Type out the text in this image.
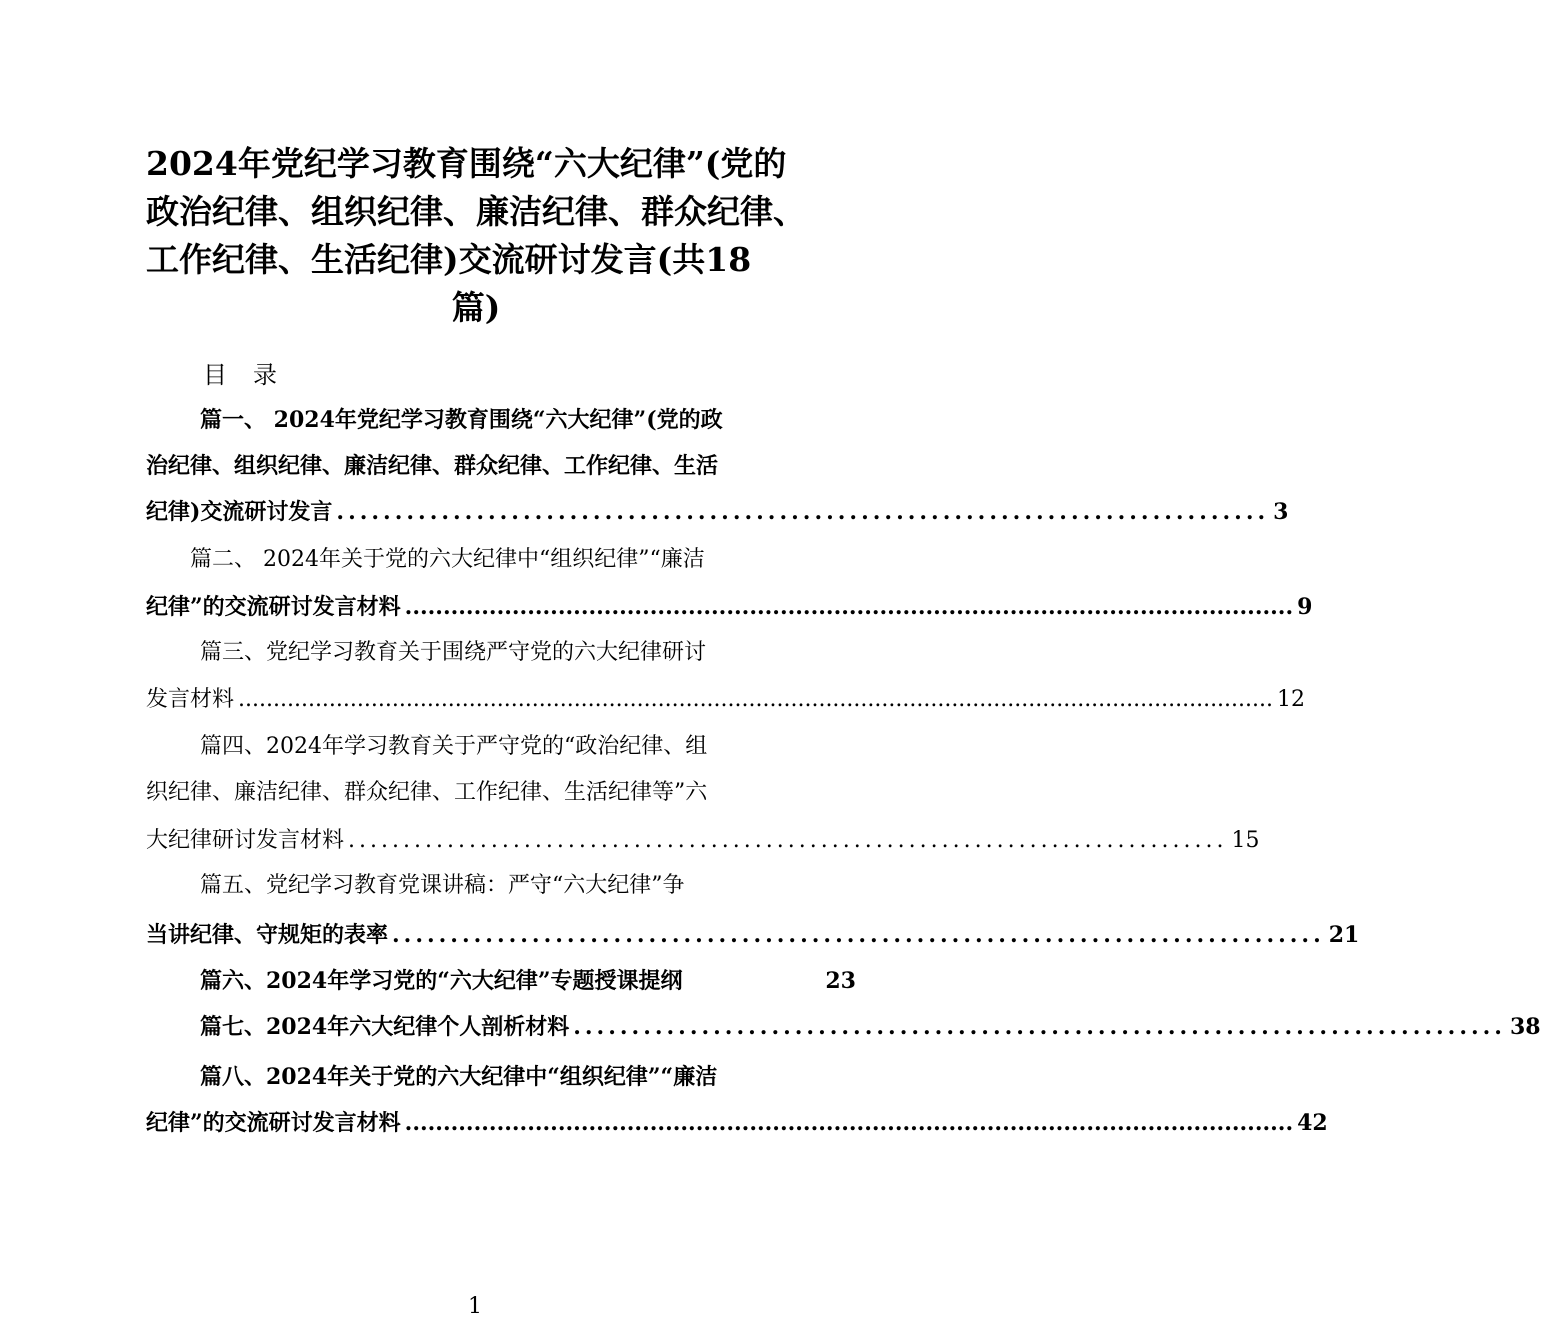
2024年党纪学习教育围绕“六大纪律”(党的
政治纪律、组织纪律、廉洁纪律、群众纪律、
工作纪律、生活纪律)交流研讨发言(共18
篇)
目录
篇一、 2024年党纪学习教育围绕“六大纪律”(党的政
治纪律、组织纪律、廉洁纪律、群众纪律、工作纪律、生活
纪律)交流研讨发言 ................................................................................ 3
篇二、 2024年关于党的六大纪律中“组织纪律”“廉洁
纪律”的交流研讨发言材料 .................................................................................................................... 9
篇三、党纪学习教育关于围绕严守党的六大纪律研讨
发言材料 .................................................................................................................................................... 12
篇四、2024年学习教育关于严守党的“政治纪律、组
织纪律、廉洁纪律、群众纪律、工作纪律、生活纪律等”六
大纪律研讨发言材料 ................................................................................ 15
篇五、党纪学习教育党课讲稿：严守“六大纪律”争
当讲纪律、守规矩的表率 ................................................................................ 21
篇六、2024年学习党的“六大纪律”专题授课提纲	23
篇七、2024年六大纪律个人剖析材料 ................................................................................ 38
篇八、2024年关于党的六大纪律中“组织纪律”“廉洁
纪律”的交流研讨发言材料 .................................................................................................................... 42
1
